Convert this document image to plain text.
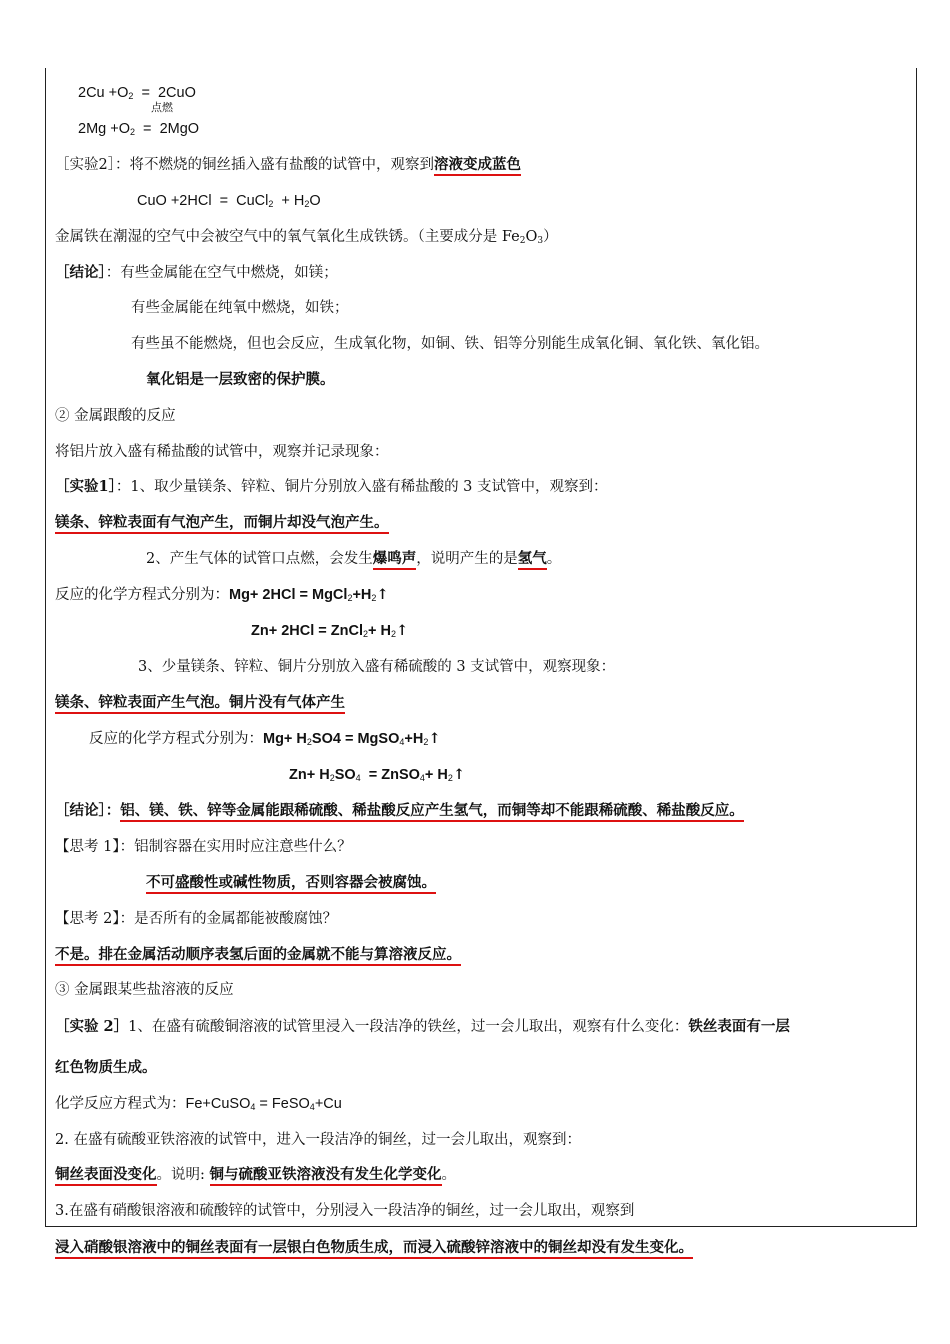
$2Cu +O_2 = 2CuO$
点燃
$2Mg +O_2 = 2MgO$
［实验2］：将不燃烧的铜丝插入盛有盐酸的试管中，观察到溶液变成蓝色
CuO +2HCl  =  CuCl$_2$  + $H_2O$
金属铁在潮湿的空气中会被空气中的氧气氧化生成铁锈。（主要成分是 $Fe_2O_3$）
［结论］：有些金属能在空气中燃烧，如镁；
有些金属能在纯氧中燃烧，如铁；
有些虽不能燃烧，但也会反应，生成氧化物，如铜、铁、铝等分别能生成氧化铜、氧化铁、氧化铝。
氧化铝是一层致密的保护膜。
② 金属跟酸的反应
将铝片放入盛有稀盐酸的试管中，观察并记录现象：
［实验1］：1、取少量镁条、锌粒、铜片分别放入盛有稀盐酸的 3 支试管中，观察到：
镁条、锌粒表面有气泡产生，而铜片却没气泡产生。
2、产生气体的试管口点燃，会发生爆鸣声，说明产生的是氢气。
反应的化学方程式分别为：$Mg+ 2HCl = MgCl_2+H_2↑$
Zn+ 2HCl = ZnCl$_2$+ $H_2↑$
3、少量镁条、锌粒、铜片分别放入盛有稀硫酸的 3 支试管中，观察现象：
镁条、锌粒表面产生气泡。铜片没有气体产生
反应的化学方程式分别为：$Mg+ H_2SO4$ = $MgSO_4+H_2↑$
$Zn+ H_2SO_4$  = ZnSO$_4$+ $H_2↑$
［结论］：铝、镁、铁、锌等金属能跟稀硫酸、稀盐酸反应产生氢气，而铜等却不能跟稀硫酸、稀盐酸反应。
【思考 1】：铝制容器在实用时应注意些什么？
不可盛酸性或碱性物质，否则容器会被腐蚀。
【思考 2】：是否所有的金属都能被酸腐蚀？
不是。排在金属活动顺序表氢后面的金属就不能与算溶液反应。
③ 金属跟某些盐溶液的反应
［实验 2］1、在盛有硫酸铜溶液的试管里浸入一段洁净的铁丝，过一会儿取出，观察有什么变化：铁丝表面有一层
红色物质生成。
化学反应方程式为：Fe+CuSO$_4$ = FeSO$_4$+Cu
2. 在盛有硫酸亚铁溶液的试管中，进入一段洁净的铜丝，过一会儿取出，观察到：
铜丝表面没变化。说明: 铜与硫酸亚铁溶液没有发生化学变化。
3.在盛有硝酸银溶液和硫酸锌的试管中，分别浸入一段洁净的铜丝，过一会儿取出，观察到
浸入硝酸银溶液中的铜丝表面有一层银白色物质生成，而浸入硫酸锌溶液中的铜丝却没有发生变化。
